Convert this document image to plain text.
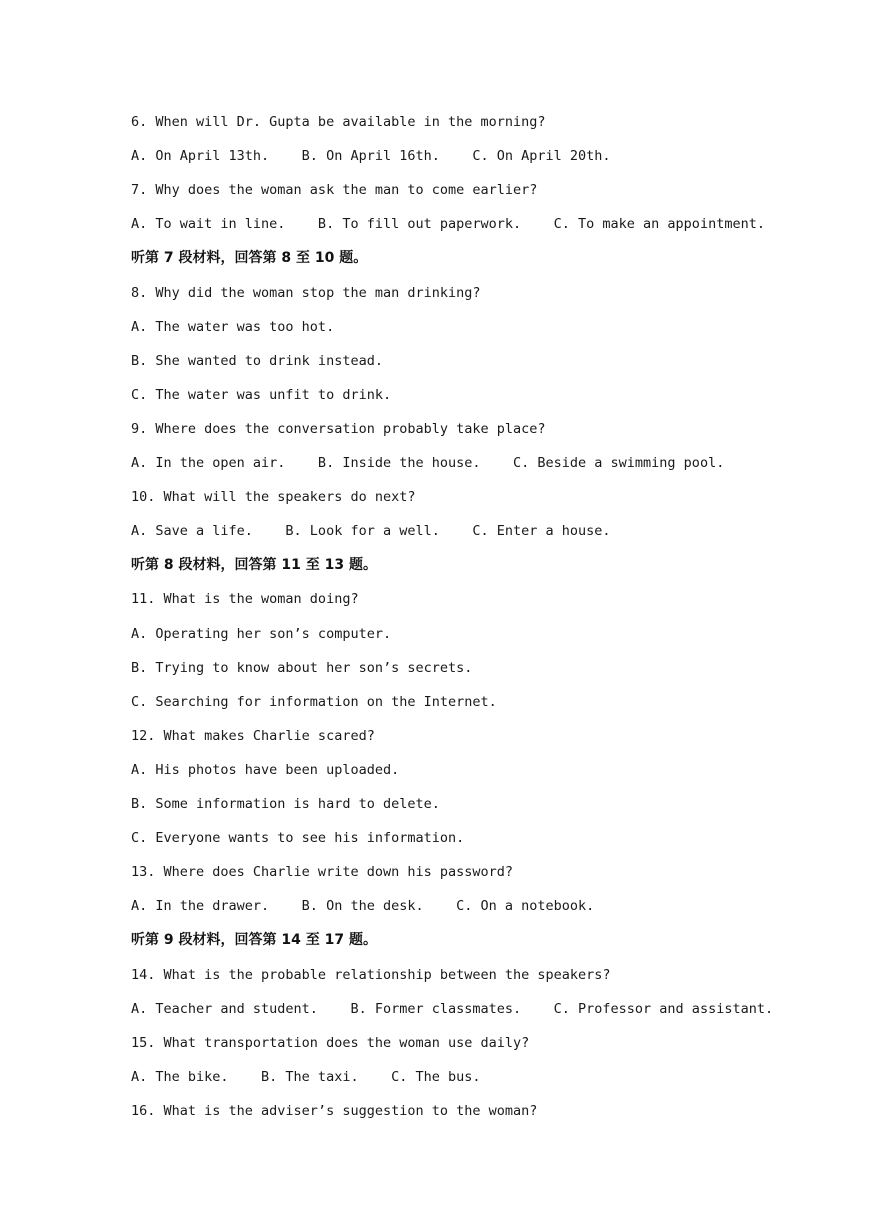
6. When will Dr. Gupta be available in the morning?
A. On April 13th.    B. On April 16th.    C. On April 20th.
7. Why does the woman ask the man to come earlier?
A. To wait in line.    B. To fill out paperwork.    C. To make an appointment.
听第 7 段材料，回答第 8 至 10 题。
8. Why did the woman stop the man drinking?
A. The water was too hot.
B. She wanted to drink instead.
C. The water was unfit to drink.
9. Where does the conversation probably take place?
A. In the open air.    B. Inside the house.    C. Beside a swimming pool.
10. What will the speakers do next?
A. Save a life.    B. Look for a well.    C. Enter a house.
听第 8 段材料，回答第 11 至 13 题。
11. What is the woman doing?
A. Operating her son’s computer.
B. Trying to know about her son’s secrets.
C. Searching for information on the Internet.
12. What makes Charlie scared?
A. His photos have been uploaded.
B. Some information is hard to delete.
C. Everyone wants to see his information.
13. Where does Charlie write down his password?
A. In the drawer.    B. On the desk.    C. On a notebook.
听第 9 段材料，回答第 14 至 17 题。
14. What is the probable relationship between the speakers?
A. Teacher and student.    B. Former classmates.    C. Professor and assistant.
15. What transportation does the woman use daily?
A. The bike.    B. The taxi.    C. The bus.
16. What is the adviser’s suggestion to the woman?
